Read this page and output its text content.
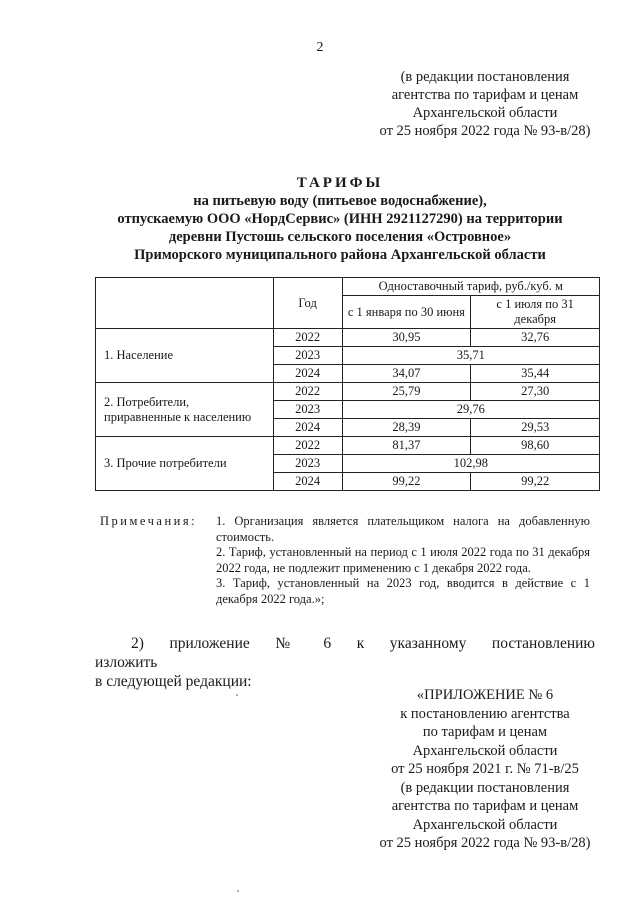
2
(в редакции постановления
агентства по тарифам и ценам
Архангельской области
от 25 ноября 2022 года № 93-в/28)
ТАРИФЫ
на питьевую воду (питьевое водоснабжение),
отпускаемую ООО «НордСервис» (ИНН 2921127290) на территории
деревни Пустошь сельского поселения «Островное»
Приморского муниципального района Архангельской области
	Год	Одноставочный тариф, руб./куб. м	
		с 1 января по 30 июня	с 1 июля по 31 декабря
1. Население	2022	30,95	32,76
	2023	35,71	
	2024	34,07	35,44
2. Потребители, приравненные к населению	2022	25,79	27,30
	2023	29,76	
	2024	28,39	29,53
3. Прочие потребители	2022	81,37	98,60
	2023	102,98	
	2024	99,22	99,22
Примечания: 1. Организация является плательщиком налога на добавленную стоимость.
2. Тариф, установленный на период с 1 июля 2022 года по 31 декабря 2022 года, не подлежит применению с 1 декабря 2022 года.
3. Тариф, установленный на 2023 год, вводится в действие с 1 декабря 2022 года.»;
2) приложение № 6 к указанному постановлению изложить
в следующей редакции:
«ПРИЛОЖЕНИЕ № 6
к постановлению агентства
по тарифам и ценам
Архангельской области
от 25 ноября 2021 г. № 71-в/25
(в редакции постановления
агентства по тарифам и ценам
Архангельской области
от 25 ноября 2022 года № 93-в/28)
